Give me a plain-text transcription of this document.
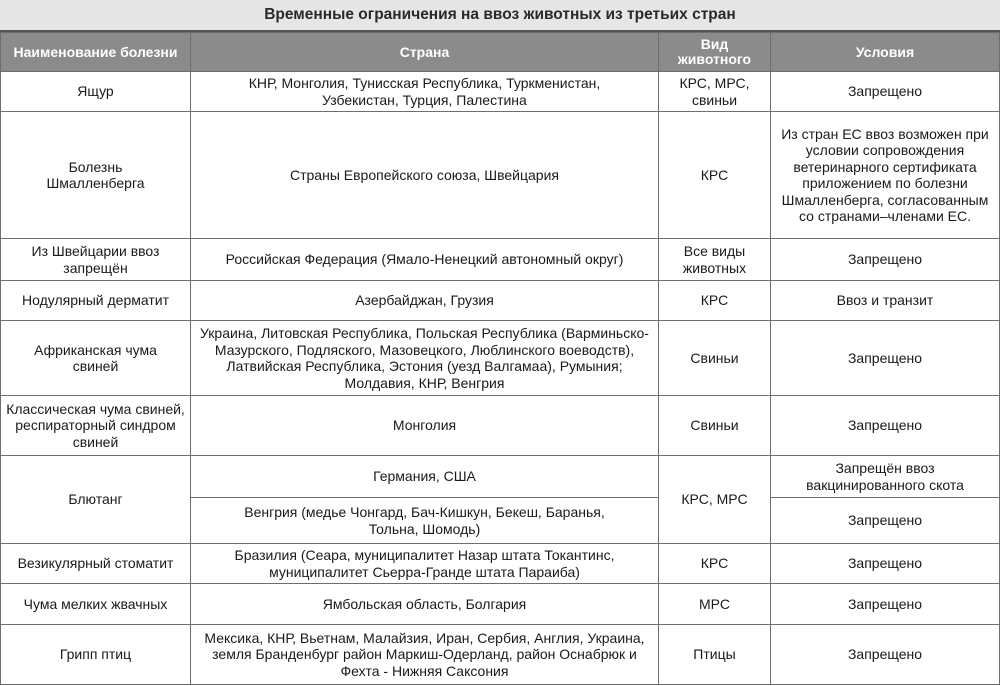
Временные ограничения на ввоз животных из третьих стран
Наименование болезни	Страна	Вид животного	Условия
Ящур	КНР, Монголия, Тунисская Республика, Туркменистан, Узбекистан, Турция, Палестина	КРС, МРС, свиньи	Запрещено
Болезнь Шмалленберга	Страны Европейского союза, Швейцария	КРС	Из стран ЕС ввоз возможен при условии сопровождения ветеринарного сертификата приложением по болезни Шмалленберга, согласованным со странами–членами ЕС.
Из Швейцарии ввоз запрещён	Российская Федерация (Ямало-Ненецкий автономный округ)	Все виды животных	Запрещено
Нодулярный дерматит	Азербайджан, Грузия	КРС	Ввоз и транзит
Африканская чума свиней	Украина, Литовская Республика, Польская Республика (Варминьско-Мазурского, Подляского, Мазовецкого, Люблинского воеводств), Латвийская Республика, Эстония (уезд Валгамаа), Румыния; Молдавия, КНР, Венгрия	Свиньи	Запрещено
Классическая чума свиней, респираторный синдром свиней	Монголия	Свиньи	Запрещено
Блютанг	Германия, США	КРС, МРС	Запрещён ввоз вакцинированного скота
	Венгрия (медье Чонгард, Бач-Кишкун, Бекеш, Баранья, Тольна, Шомодь)		Запрещено
Везикулярный стоматит	Бразилия (Сеара, муниципалитет Назар штата Токантинс, муниципалитет Сьерра-Гранде штата Параиба)	КРС	Запрещено
Чума мелких жвачных	Ямбольская область, Болгария	МРС	Запрещено
Грипп птиц	Мексика, КНР, Вьетнам, Малайзия, Иран, Сербия, Англия, Украина, земля Бранденбург район Маркиш-Одерланд, район Оснабрюк и Фехта - Нижняя Саксония	Птицы	Запрещено
